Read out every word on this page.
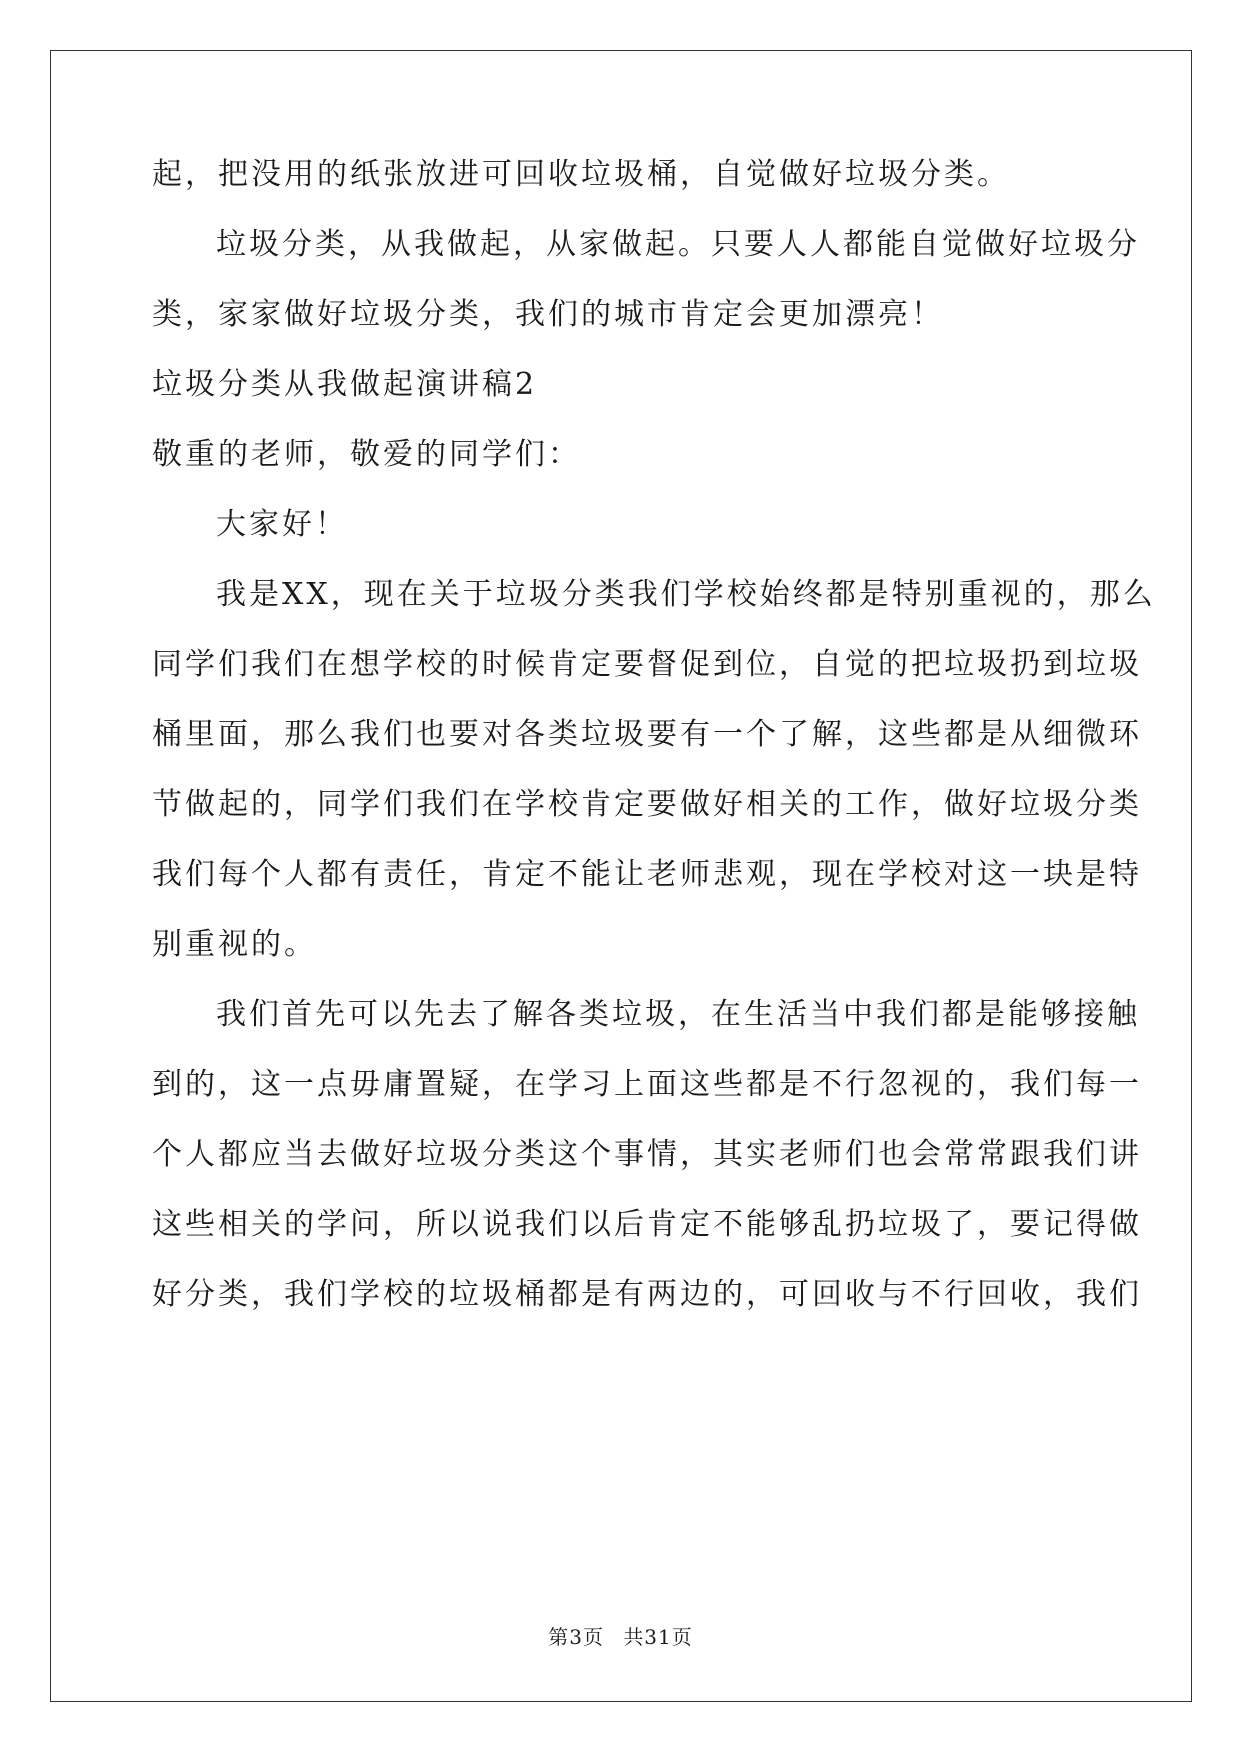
起，把没用的纸张放进可回收垃圾桶，自觉做好垃圾分类。
垃圾分类，从我做起，从家做起。只要人人都能自觉做好垃圾分
类，家家做好垃圾分类，我们的城市肯定会更加漂亮！
垃圾分类从我做起演讲稿2
敬重的老师，敬爱的同学们：
大家好！
我是XX，现在关于垃圾分类我们学校始终都是特别重视的，那么
同学们我们在想学校的时候肯定要督促到位，自觉的把垃圾扔到垃圾
桶里面，那么我们也要对各类垃圾要有一个了解，这些都是从细微环
节做起的，同学们我们在学校肯定要做好相关的工作，做好垃圾分类
我们每个人都有责任，肯定不能让老师悲观，现在学校对这一块是特
别重视的。
我们首先可以先去了解各类垃圾，在生活当中我们都是能够接触
到的，这一点毋庸置疑，在学习上面这些都是不行忽视的，我们每一
个人都应当去做好垃圾分类这个事情，其实老师们也会常常跟我们讲
这些相关的学问，所以说我们以后肯定不能够乱扔垃圾了，要记得做
好分类，我们学校的垃圾桶都是有两边的，可回收与不行回收，我们
第3页 共31页
